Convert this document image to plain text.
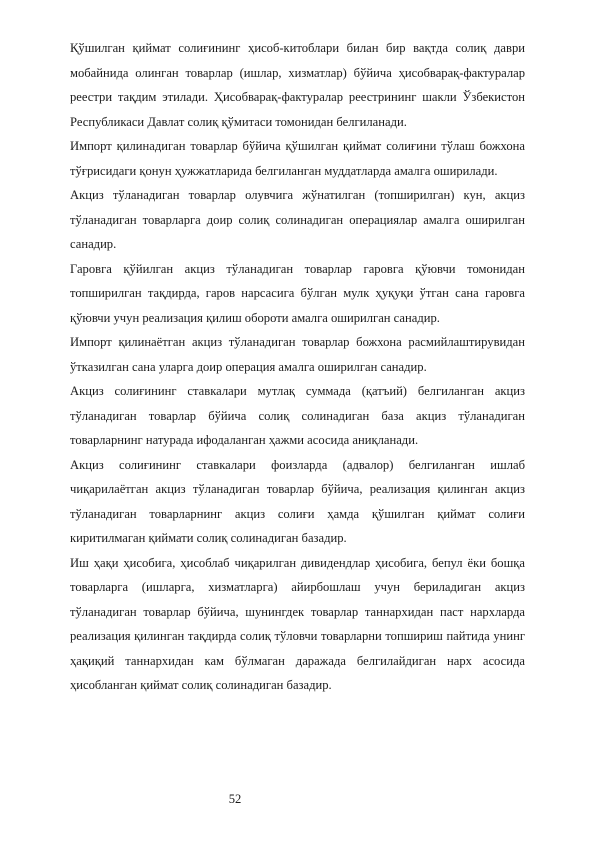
Қўшилган қиймат солиғининг ҳисоб-китоблари билан бир вақтда солиқ даври мобайнида олинган товарлар (ишлар, хизматлар) бўйича ҳисобварақ-фактуралар реестри тақдим этилади. Ҳисобварақ-фактуралар реестрининг шакли Ўзбекистон Республикаси Давлат солиқ қўмитаси томонидан белгиланади.

Импорт қилинадиган товарлар бўйича қўшилган қиймат солиғини тўлаш божхона тўғрисидаги қонун ҳужжатларида белгиланган муддатларда амалга оширилади.

Акциз тўланадиган товарлар олувчига жўнатилган (топширилган) кун, акциз тўланадиган товарларга доир солиқ солинадиган операциялар амалга оширилган санадир.

Гаровга қўйилган акциз тўланадиган товарлар гаровга қўювчи томонидан топширилган тақдирда, гаров нарсасига бўлган мулк ҳуқуқи ўтган сана гаровга қўювчи учун реализация қилиш обороти амалга оширилган санадир.

Импорт қилинаётган акциз тўланадиган товарлар божхона расмийлаштирувидан ўтказилган сана уларга доир операция амалга оширилган санадир.

Акциз солиғининг ставкалари мутлақ суммада (қатъий) белгиланган акциз тўланадиган товарлар бўйича солиқ солинадиган база акциз тўланадиган товарларнинг натурада ифодаланган ҳажми асосида аниқланади.

Акциз солиғининг ставкалари фоизларда (адвалор) белгиланган ишлаб чиқарилаётган акциз тўланадиган товарлар бўйича, реализация қилинган акциз тўланадиган товарларнинг акциз солиғи ҳамда қўшилган қиймат солиғи киритилмаган қиймати солиқ солинадиган базадир.

Иш ҳақи ҳисобига, ҳисоблаб чиқарилган дивидендлар ҳисобига, бепул ёки бошқа товарларга (ишларга, хизматларга) айирбошлаш учун бериладиган акциз тўланадиган товарлар бўйича, шунингдек товарлар таннархидан паст нархларда реализация қилинган тақдирда солиқ тўловчи товарларни топшириш пайтида унинг ҳақиқий таннархидан кам бўлмаган даражада белгилайдиган нарх асосида ҳисобланган қиймат солиқ солинадиган базадир.

52
